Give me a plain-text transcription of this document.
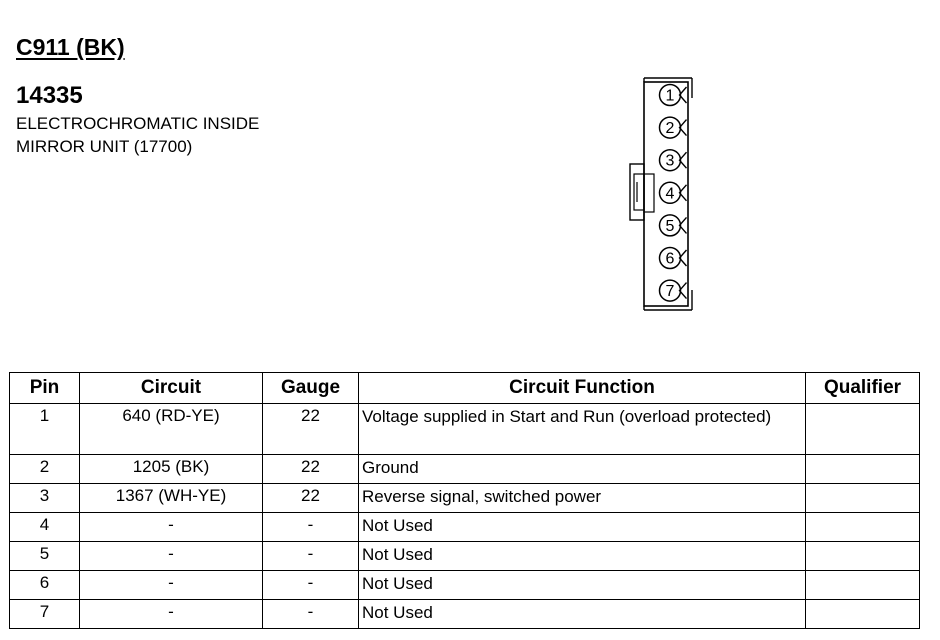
C911 (BK)
14335

ELECTROCHROMATIC INSIDE
MIRROR UNIT (17700)

1
2
3
4
5
6
7
Pin	Circuit	Gauge	Circuit Function	Qualifier
1	640 (RD-YE)	22	Voltage supplied in Start and Run (overload protected)	
2	1205 (BK)	22	Ground	
3	1367 (WH-YE)	22	Reverse signal, switched power	
4	-	-	Not Used	
5	-	-	Not Used	
6	-	-	Not Used	
7	-	-	Not Used	
